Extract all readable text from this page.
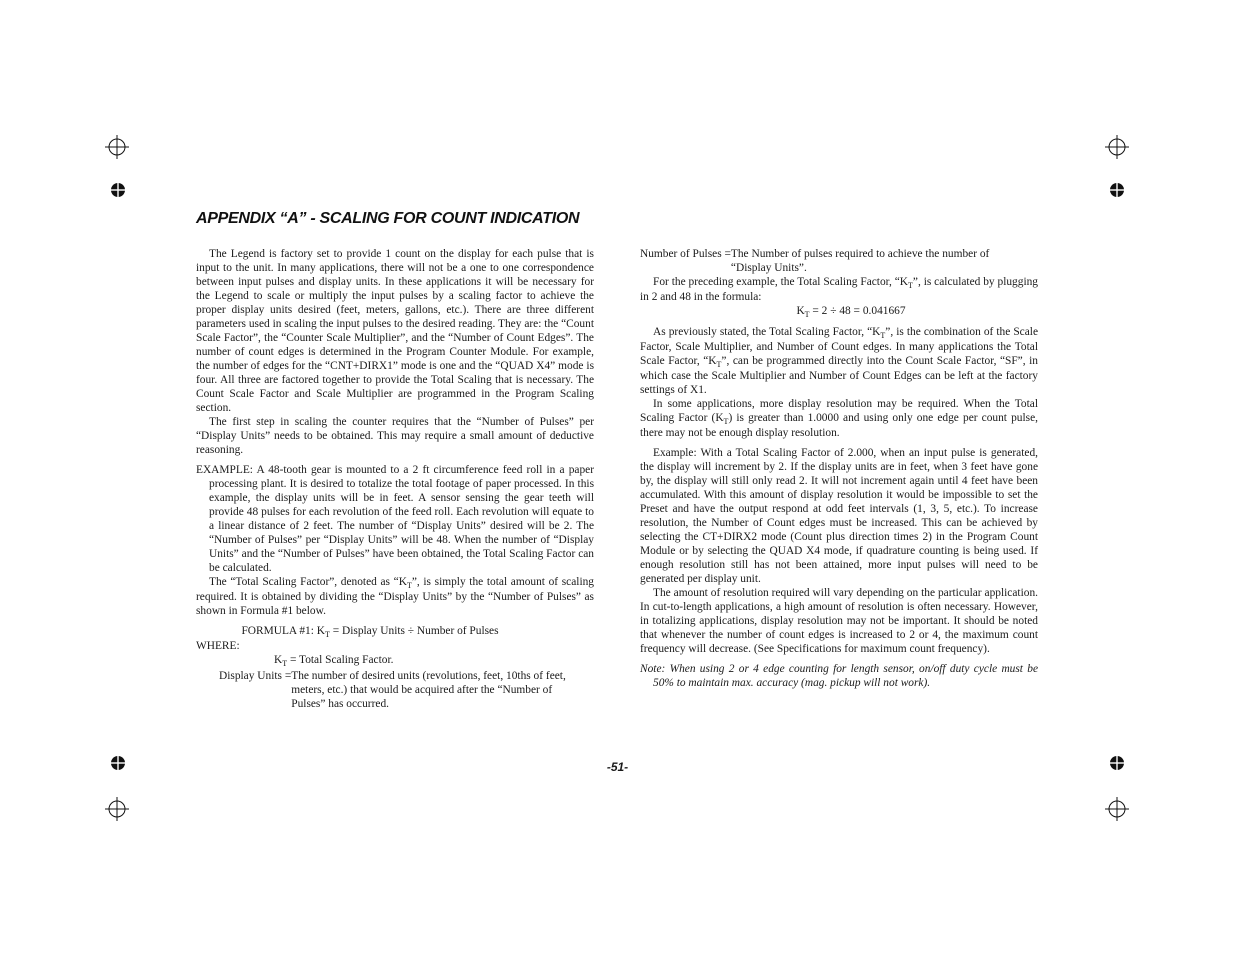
APPENDIX “A” - SCALING FOR COUNT INDICATION

The Legend is factory set to provide 1 count on the display for each pulse that is input to the unit. In many applications, there will not be a one to one correspondence between input pulses and display units. In these applications it will be necessary for the Legend to scale or multiply the input pulses by a scaling factor to achieve the proper display units desired (feet, meters, gallons, etc.). There are three different parameters used in scaling the input pulses to the desired reading. They are: the “Count Scale Factor”, the “Counter Scale Multiplier”, and the “Number of Count Edges”. The number of count edges is determined in the Program Counter Module. For example, the number of edges for the “CNT+DIRX1” mode is one and the “QUAD X4” mode is four. All three are factored together to provide the Total Scaling that is necessary. The Count Scale Factor and Scale Multiplier are programmed in the Program Scaling section.

The first step in scaling the counter requires that the “Number of Pulses” per “Display Units” needs to be obtained. This may require a small amount of deductive reasoning.

EXAMPLE: A 48-tooth gear is mounted to a 2 ft circumference feed roll in a paper processing plant. It is desired to totalize the total footage of paper processed. In this example, the display units will be in feet. A sensor sensing the gear teeth will provide 48 pulses for each revolution of the feed roll. Each revolution will equate to a linear distance of 2 feet. The number of “Display Units” desired will be 2. The “Number of Pulses” per “Display Units” will be 48. When the number of “Display Units” and the “Number of Pulses” have been obtained, the Total Scaling Factor can be calculated.

The “Total Scaling Factor”, denoted as “$K_T$”, is simply the total amount of scaling required. It is obtained by dividing the “Display Units” by the “Number of Pulses” as shown in Formula #1 below.

FORMULA #1: $K_T$ = Display Units ÷ Number of Pulses

WHERE:

$K_T$ = Total Scaling Factor.

Display Units = The number of desired units (revolutions, feet, 10ths of feet, meters, etc.) that would be acquired after the “Number of Pulses” has occurred.
Number of Pulses = The Number of pulses required to achieve the number of “Display Units”.

For the preceding example, the Total Scaling Factor, “$K_T$”, is calculated by plugging in 2 and 48 in the formula:

$K_T = 2 \div 48 = 0.041667$

As previously stated, the Total Scaling Factor, “$K_T$”, is the combination of the Scale Factor, Scale Multiplier, and Number of Count edges. In many applications the Total Scale Factor, “$K_T$”, can be programmed directly into the Count Scale Factor, “SF”, in which case the Scale Multiplier and Number of Count Edges can be left at the factory settings of X1.

In some applications, more display resolution may be required. When the Total Scaling Factor $(K_T)$ is greater than 1.0000 and using only one edge per count pulse, there may not be enough display resolution.

Example: With a Total Scaling Factor of 2.000, when an input pulse is generated, the display will increment by 2. If the display units are in feet, when 3 feet have gone by, the display will still only read 2. It will not increment again until 4 feet have been accumulated. With this amount of display resolution it would be impossible to set the Preset and have the output respond at odd feet intervals (1, 3, 5, etc.). To increase resolution, the Number of Count edges must be increased. This can be achieved by selecting the CT+DIRX2 mode (Count plus direction times 2) in the Program Count Module or by selecting the QUAD X4 mode, if quadrature counting is being used. If enough resolution still has not been attained, more input pulses will need to be generated per display unit.

The amount of resolution required will vary depending on the particular application. In cut-to-length applications, a high amount of resolution is often necessary. However, in totalizing applications, display resolution may not be important. It should be noted that whenever the number of count edges is increased to 2 or 4, the maximum count frequency will decrease. (See Specifications for maximum count frequency).

Note: When using 2 or 4 edge counting for length sensor, on/off duty cycle must be 50% to maintain max. accuracy (mag. pickup will not work).

-51-
